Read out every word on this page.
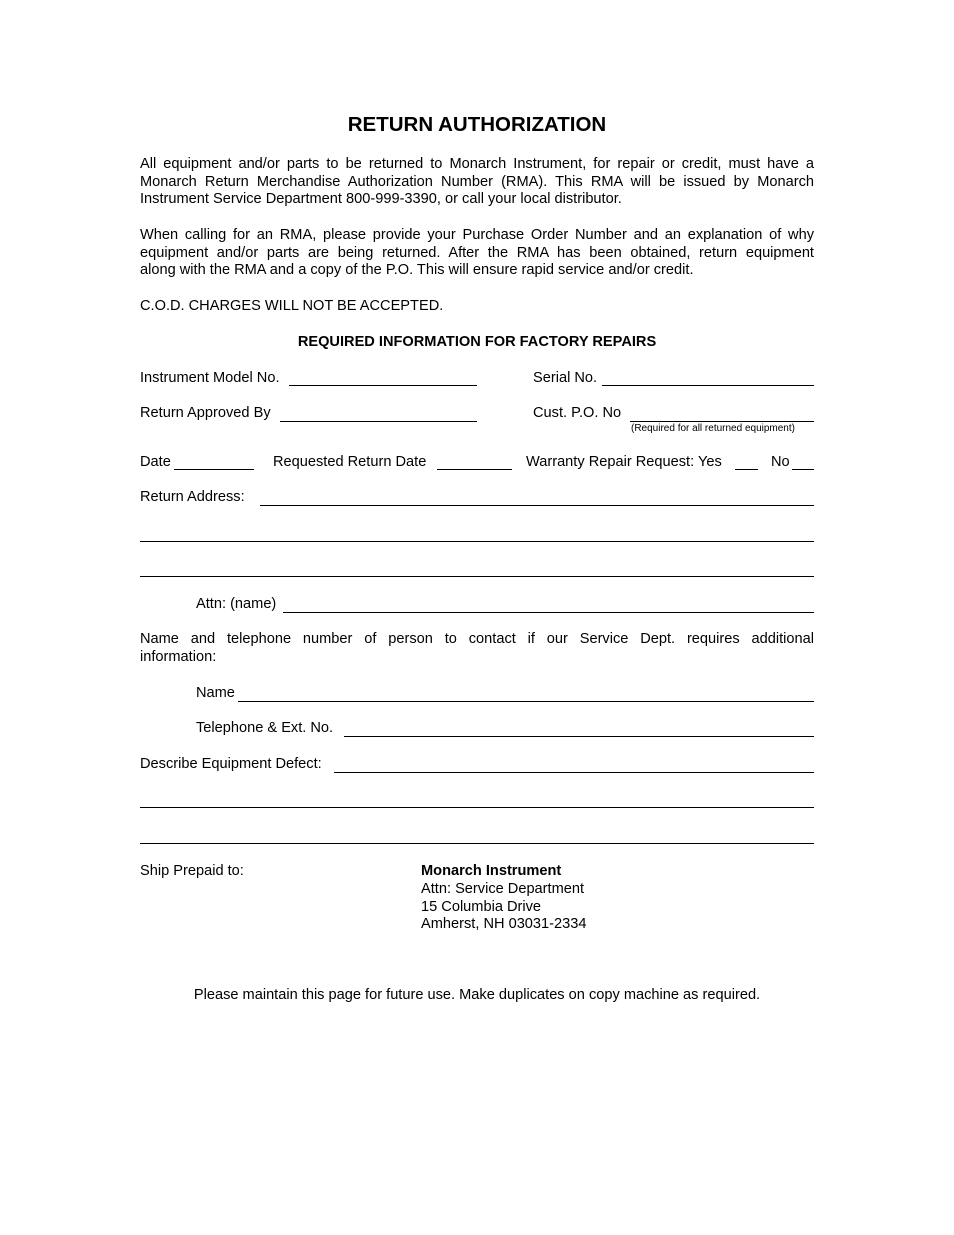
RETURN AUTHORIZATION
All equipment and/or parts to be returned to Monarch Instrument, for repair or credit, must have a
Monarch Return Merchandise Authorization Number (RMA). This RMA will be issued by Monarch
Instrument Service Department 800-999-3390, or call your local distributor.
When calling for an RMA, please provide your Purchase Order Number and an explanation of why
equipment and/or parts are being returned. After the RMA has been obtained, return equipment
along with the RMA and a copy of the P.O. This will ensure rapid service and/or credit.
C.O.D. CHARGES WILL NOT BE ACCEPTED.
REQUIRED INFORMATION FOR FACTORY REPAIRS
Instrument Model No.	Serial No.
Return Approved By	Cust. P.O. No
(Required for all returned equipment)
Date	Requested Return Date	Warranty Repair Request: Yes	No
Return Address:
Attn: (name)
Name and telephone number of person to contact if our Service Dept. requires additional
information:
Name
Telephone & Ext. No.
Describe Equipment Defect:
Ship Prepaid to:	Monarch Instrument
Attn: Service Department
15 Columbia Drive
Amherst, NH 03031-2334
Please maintain this page for future use. Make duplicates on copy machine as required.
